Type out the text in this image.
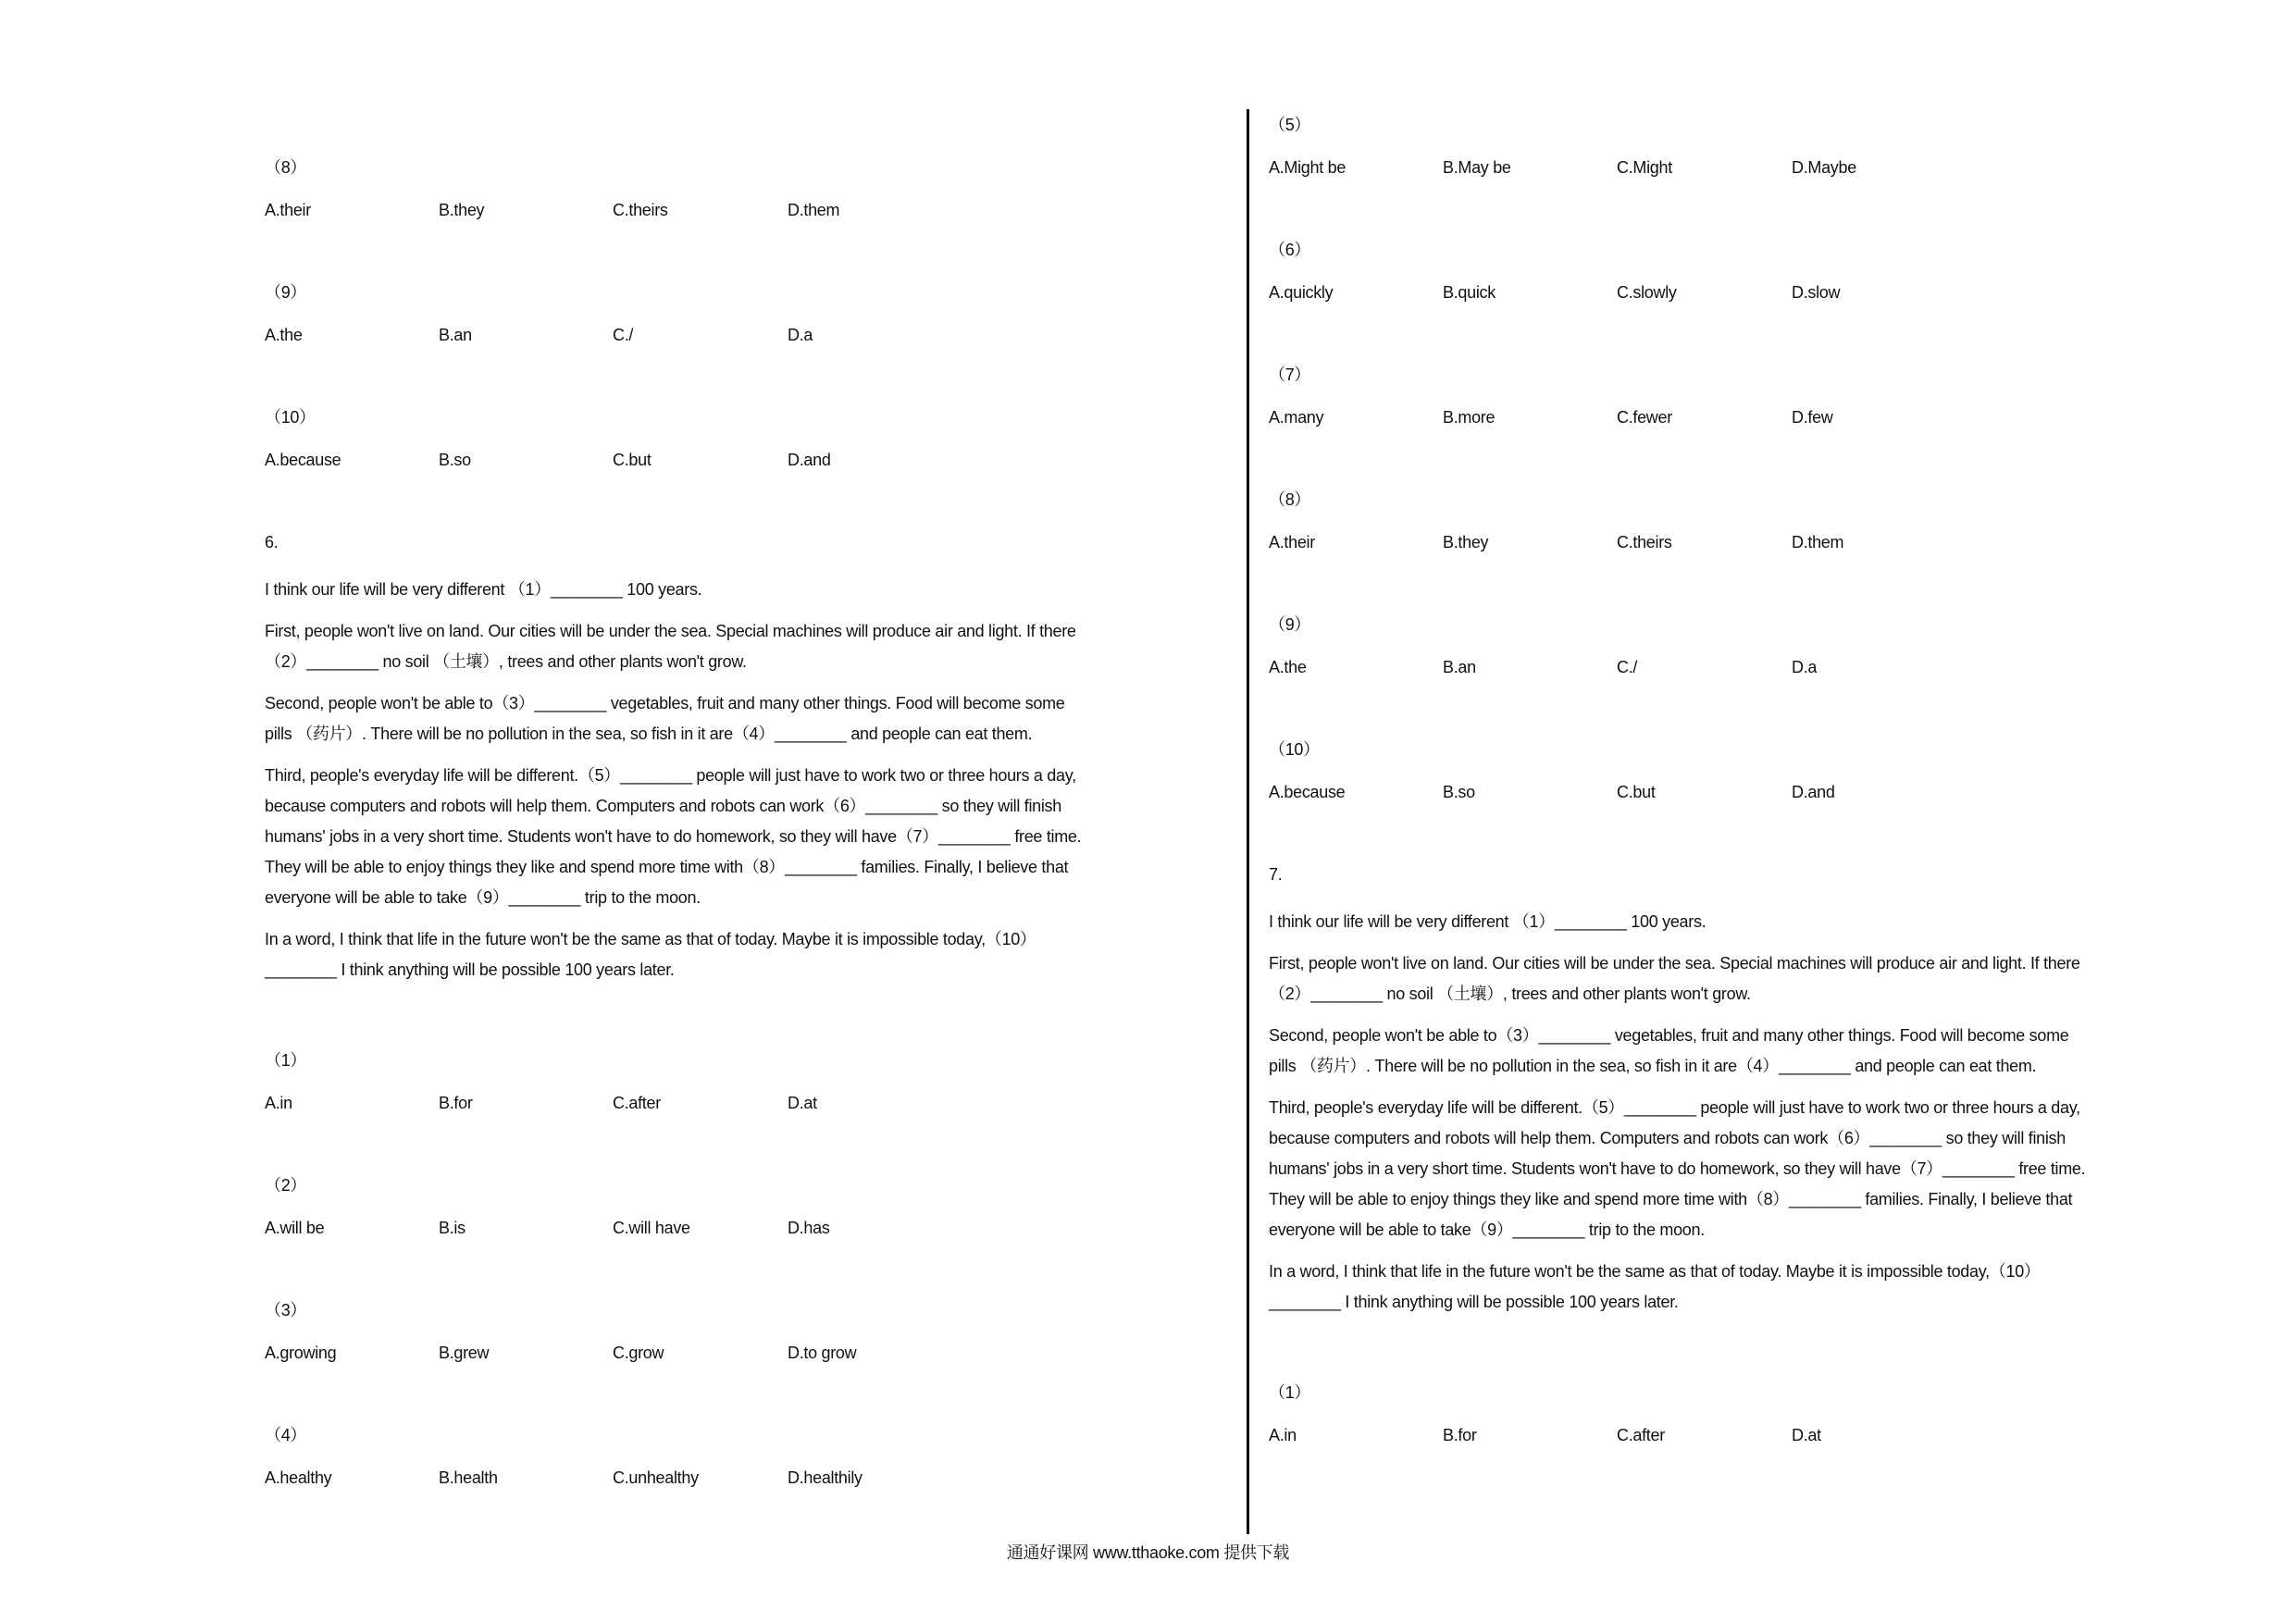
（8）
A.their	B.they	C.theirs	D.them
（9）
A.the	B.an	C./	D.a
（10）
A.because	B.so	C.but	D.and
6.
I think our life will be very different （1）________ 100 years.
First, people won't live on land. Our cities will be under the sea. Special machines will produce air and light. If there
（2）________ no soil （土壤）, trees and other plants won't grow.
Second, people won't be able to（3）________ vegetables, fruit and many other things. Food will become some
pills （药片）. There will be no pollution in the sea, so fish in it are（4）________ and people can eat them.
Third, people's everyday life will be different.（5）________ people will just have to work two or three hours a day,
because computers and robots will help them. Computers and robots can work（6）________ so they will finish
humans' jobs in a very short time. Students won't have to do homework, so they will have（7）________ free time.
They will be able to enjoy things they like and spend more time with（8）________ families. Finally, I believe that
everyone will be able to take（9）________ trip to the moon.
In a word, I think that life in the future won't be the same as that of today. Maybe it is impossible today,（10）
________ I think anything will be possible 100 years later.
（1）
A.in	B.for	C.after	D.at
（2）
A.will be	B.is	C.will have	D.has
（3）
A.growing	B.grew	C.grow	D.to grow
（4）
A.healthy	B.health	C.unhealthy	D.healthily
（5）
A.Might be	B.May be	C.Might	D.Maybe
（6）
A.quickly	B.quick	C.slowly	D.slow
（7）
A.many	B.more	C.fewer	D.few
（8）
A.their	B.they	C.theirs	D.them
（9）
A.the	B.an	C./	D.a
（10）
A.because	B.so	C.but	D.and
7.
I think our life will be very different （1）________ 100 years.
First, people won't live on land. Our cities will be under the sea. Special machines will produce air and light. If there
（2）________ no soil （土壤）, trees and other plants won't grow.
Second, people won't be able to（3）________ vegetables, fruit and many other things. Food will become some
pills （药片）. There will be no pollution in the sea, so fish in it are（4）________ and people can eat them.
Third, people's everyday life will be different.（5）________ people will just have to work two or three hours a day,
because computers and robots will help them. Computers and robots can work（6）________ so they will finish
humans' jobs in a very short time. Students won't have to do homework, so they will have（7）________ free time.
They will be able to enjoy things they like and spend more time with（8）________ families. Finally, I believe that
everyone will be able to take（9）________ trip to the moon.
In a word, I think that life in the future won't be the same as that of today. Maybe it is impossible today,（10）
________ I think anything will be possible 100 years later.
（1）
A.in	B.for	C.after	D.at
通通好课网 www.tthaoke.com 提供下载
